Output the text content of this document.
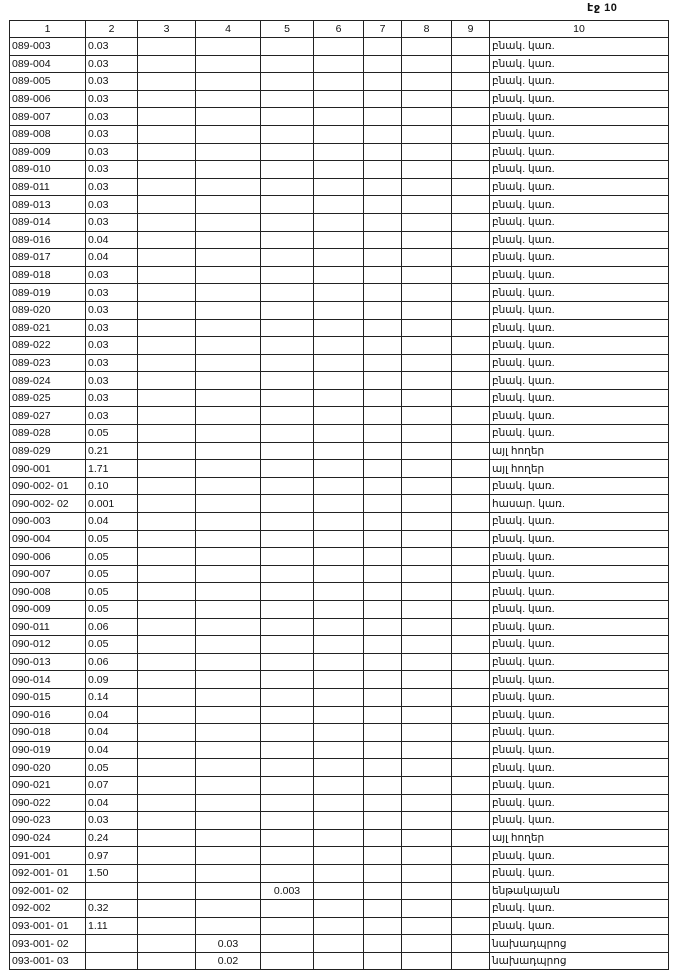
էջ 10
1	2	3	4	5	6	7	8	9	10
089-003	0.03								բնակ. կառ.
089-004	0.03								բնակ. կառ.
089-005	0.03								բնակ. կառ.
089-006	0.03								բնակ. կառ.
089-007	0.03								բնակ. կառ.
089-008	0.03								բնակ. կառ.
089-009	0.03								բնակ. կառ.
089-010	0.03								բնակ. կառ.
089-011	0.03								բնակ. կառ.
089-013	0.03								բնակ. կառ.
089-014	0.03								բնակ. կառ.
089-016	0.04								բնակ. կառ.
089-017	0.04								բնակ. կառ.
089-018	0.03								բնակ. կառ.
089-019	0.03								բնակ. կառ.
089-020	0.03								բնակ. կառ.
089-021	0.03								բնակ. կառ.
089-022	0.03								բնակ. կառ.
089-023	0.03								բնակ. կառ.
089-024	0.03								բնակ. կառ.
089-025	0.03								բնակ. կառ.
089-027	0.03								բնակ. կառ.
089-028	0.05								բնակ. կառ.
089-029	0.21								այլ հողեր
090-001	1.71								այլ հողեր
090-002- 01	0.10								բնակ. կառ.
090-002- 02	0.001								հասար. կառ.
090-003	0.04								բնակ. կառ.
090-004	0.05								բնակ. կառ.
090-006	0.05								բնակ. կառ.
090-007	0.05								բնակ. կառ.
090-008	0.05								բնակ. կառ.
090-009	0.05								բնակ. կառ.
090-011	0.06								բնակ. կառ.
090-012	0.05								բնակ. կառ.
090-013	0.06								բնակ. կառ.
090-014	0.09								բնակ. կառ.
090-015	0.14								բնակ. կառ.
090-016	0.04								բնակ. կառ.
090-018	0.04								բնակ. կառ.
090-019	0.04								բնակ. կառ.
090-020	0.05								բնակ. կառ.
090-021	0.07								բնակ. կառ.
090-022	0.04								բնակ. կառ.
090-023	0.03								բնակ. կառ.
090-024	0.24								այլ հողեր
091-001	0.97								բնակ. կառ.
092-001- 01	1.50								բնակ. կառ.
092-001- 02				0.003					ենթակայան
092-002	0.32								բնակ. կառ.
093-001- 01	1.11								բնակ. կառ.
093-001- 02			0.03						նախադպրոց
093-001- 03			0.02						նախադպրոց
